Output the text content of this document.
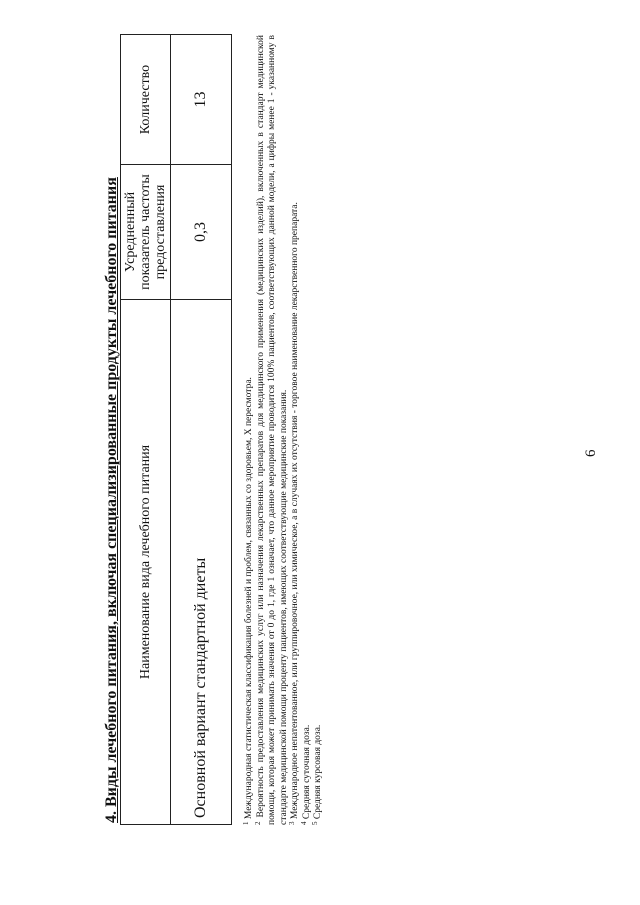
6
4. Виды лечебного питания, включая специализированные продукты лечебного питания Наименование вида лечебного питания	Усредненный показатель частоты предоставления	Количество
Основной вариант стандартной диеты	0,3	13

$^1$ Международная статистическая классификация болезней и проблем, связанных со здоровьем, X пересмотра.

$^2$ Вероятность предоставления медицинских услуг или назначения лекарственных препаратов для медицинского применения (медицинских изделий), включенных в стандарт медицинской помощи, которая может принимать значения от 0 до 1, где 1 означает, что данное мероприятие проводится 100% пациентов, соответствующих данной модели, а цифры менее 1 - указанному в стандарте медицинской помощи проценту пациентов, имеющих соответствующие медицинские показания. $^3$ Международное непатентованное, или группировочное, или химическое, а в случаях их отсутствия - торговое наименование лекарственного препарата.

$^4$ Средняя суточная доза.

$^5$ Средняя курсовая доза.
